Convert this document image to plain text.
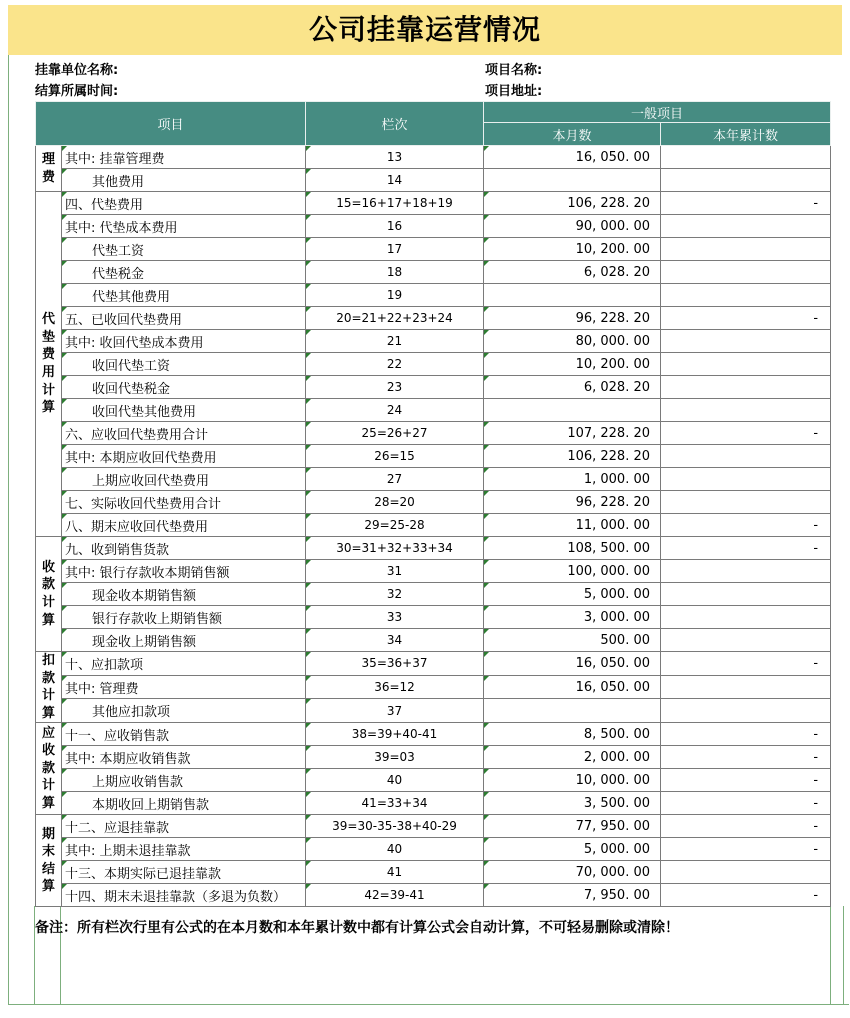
公司挂靠运营情况
挂靠单位名称:
结算所属时间:
项目名称:
项目地址:
项目		栏次	一般项目	
			本月数	本年累计数

理费	其中: 挂靠管理费	13	16, 050. 00	
	其他费用	14		

代垫费用计算	四、代垫费用	15=16+17+18+19	106, 228. 20	-
	其中: 代垫成本费用	16	90, 000. 00	
	代垫工资	17	10, 200. 00	
	代垫税金	18	6, 028. 20	
	代垫其他费用	19		
	五、已收回代垫费用	20=21+22+23+24	96, 228. 20	-
	其中: 收回代垫成本费用	21	80, 000. 00	
	收回代垫工资	22	10, 200. 00	
	收回代垫税金	23	6, 028. 20	
	收回代垫其他费用	24		
	六、应收回代垫费用合计	25=26+27	107, 228. 20	-
	其中: 本期应收回代垫费用	26=15	106, 228. 20	
	上期应收回代垫费用	27	1, 000. 00	
	七、实际收回代垫费用合计	28=20	96, 228. 20	
	八、期末应收回代垫费用	29=25-28	11, 000. 00	-

收款计算	九、收到销售货款	30=31+32+33+34	108, 500. 00	-
	其中: 银行存款收本期销售额	31	100, 000. 00	
	现金收本期销售额	32	5, 000. 00	
	银行存款收上期销售额	33	3, 000. 00	
	现金收上期销售额	34	500. 00	

扣款计算	十、应扣款项	35=36+37	16, 050. 00	-
	其中: 管理费	36=12	16, 050. 00	
	其他应扣款项	37		

应收款计算	十一、应收销售款	38=39+40-41	8, 500. 00	-
	其中: 本期应收销售款	39=03	2, 000. 00	-
	上期应收销售款	40	10, 000. 00	-
	本期收回上期销售款	41=33+34	3, 500. 00	-

期末结算	十二、应退挂靠款	39=30-35-38+40-29	77, 950. 00	-
	其中: 上期未退挂靠款	40	5, 000. 00	-
	十三、本期实际已退挂靠款	41	70, 000. 00	
	十四、期末未退挂靠款（多退为负数）	42=39-41	7, 950. 00	-
备注：所有栏次行里有公式的在本月数和本年累计数中都有计算公式会自动计算，不可轻易删除或清除！
